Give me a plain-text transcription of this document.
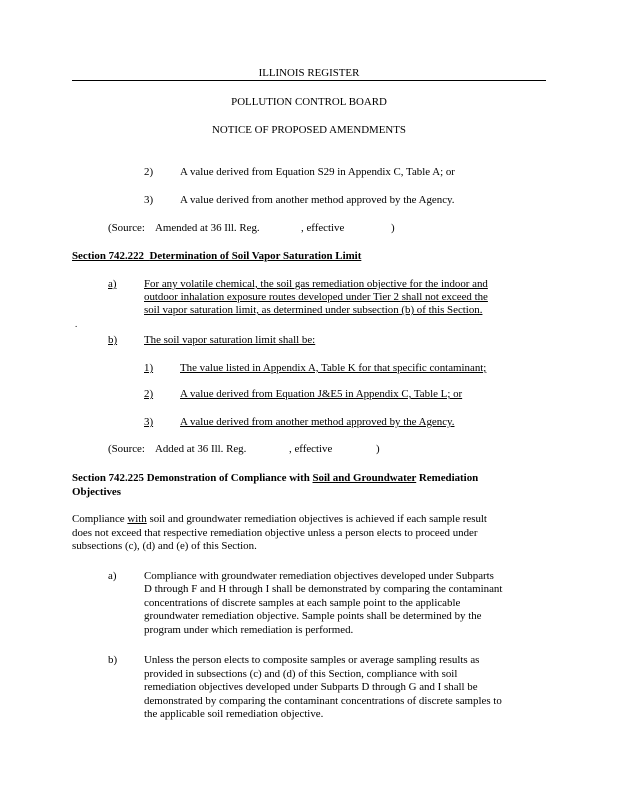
ILLINOIS REGISTER
POLLUTION CONTROL BOARD
NOTICE OF PROPOSED AMENDMENTS
2) A value derived from Equation S29 in Appendix C, Table A; or
3) A value derived from another method approved by the Agency.
(Source: Amended at 36 Ill. Reg.	, effective	)
Section 742.222 Determination of Soil Vapor Saturation Limit
a)	For any volatile chemical, the soil gas remediation objective for the indoor and
outdoor inhalation exposure routes developed under Tier 2 shall not exceed the
soil vapor saturation limit, as determined under subsection (b) of this Section.
.
b) The soil vapor saturation limit shall be:
1) The value listed in Appendix A, Table K for that specific contaminant;
2) A value derived from Equation J&E5 in Appendix C, Table L; or
3) A value derived from another method approved by the Agency.
(Source: Added at 36 Ill. Reg.	, effective	)
Section 742.225 Demonstration of Compliance with Soil and Groundwater Remediation
Objectives
Compliance with soil and groundwater remediation objectives is achieved if each sample result
does not exceed that respective remediation objective unless a person elects to proceed under
subsections (c), (d) and (e) of this Section.
a)	Compliance with groundwater remediation objectives developed under Subparts
D through F and H through I shall be demonstrated by comparing the contaminant
concentrations of discrete samples at each sample point to the applicable
groundwater remediation objective. Sample points shall be determined by the
program under which remediation is performed.
b) Unless the person elects to composite samples or average sampling results as
provided in subsections (c) and (d) of this Section, compliance with soil
remediation objectives developed under Subparts D through G and I shall be
demonstrated by comparing the contaminant concentrations of discrete samples to
the applicable soil remediation objective.
